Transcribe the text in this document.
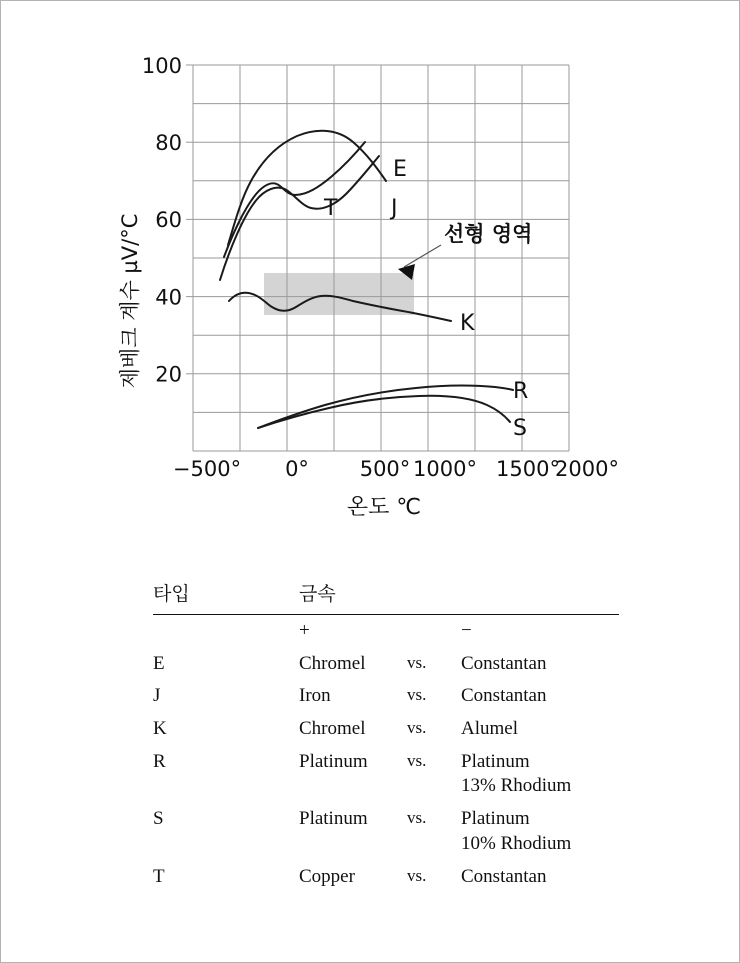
100
80
60
40
20
−500° 0° 500° 1000° 1500°
2000°
E
T J
K
R
S
선형 영역
제베크 계수 µV/°C
온도 ℃
타입	금속		
	+		−
E	Chromel	vs.	Constantan
J	Iron	vs.	Constantan
K	Chromel	vs.	Alumel
R	Platinum	vs.	Platinum
13% Rhodium

S	Platinum	vs.	Platinum
10% Rhodium

T	Copper	vs.	Constantan
